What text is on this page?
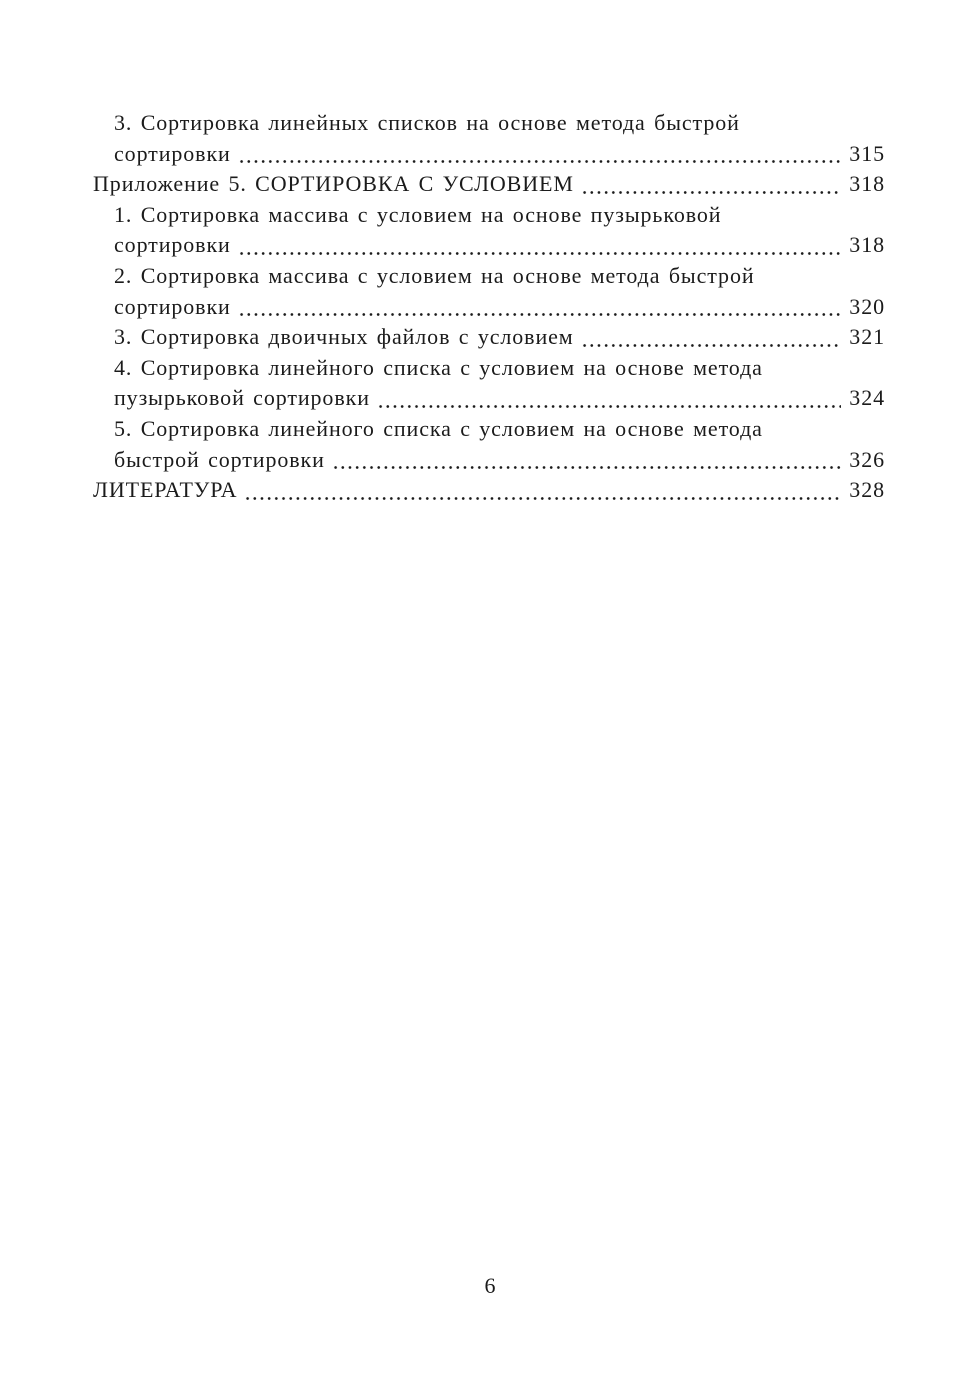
3. Сортировка линейных списков на основе метода быстрой
сортировки	315
Приложение 5. СОРТИРОВКА С УСЛОВИЕМ	318
1. Сортировка массива с условием на основе пузырьковой
сортировки	318
2. Сортировка массива с условием на основе метода быстрой
сортировки	320
3. Сортировка двоичных файлов с условием	321
4. Сортировка линейного списка с условием на основе метода
пузырьковой сортировки	324
5. Сортировка линейного списка с условием на основе метода
быстрой сортировки	326
ЛИТЕРАТУРА	328
6
